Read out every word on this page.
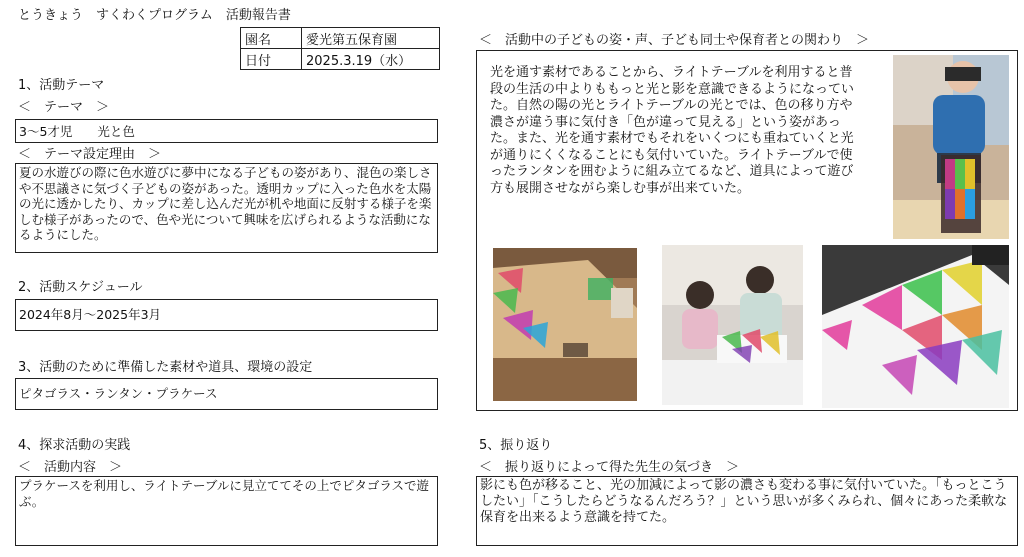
とうきょう　すくわくプログラム　活動報告書
園名	愛光第五保育園
日付	2025.3.19（水）
1、活動テーマ
＜　テーマ　＞
3～5才児　　光と色
＜　テーマ設定理由　＞
夏の水遊びの際に色水遊びに夢中になる子どもの姿があり、混色の楽しさや不思議さに気づく子どもの姿があった。透明カップに入った色水を太陽の光に透かしたり、カップに差し込んだ光が机や地面に反射する様子を楽しむ様子があったので、色や光について興味を広げられるような活動になるようにした。
2、活動スケジュール
2024年8月～2025年3月
3、活動のために準備した素材や道具、環境の設定
ピタゴラス・ランタン・プラケース
4、探求活動の実践
＜　活動内容　＞
プラケースを利用し、ライトテーブルに見立ててその上でピタゴラスで遊ぶ。
＜　活動中の子どもの姿・声、子ども同士や保育者との関わり　＞
光を通す素材であることから、ライトテーブルを利用すると普段の生活の中よりももっと光と影を意識できるようになっていた。自然の陽の光とライトテーブルの光とでは、色の移り方や濃さが違う事に気付き「色が違って見える」という姿があった。また、光を通す素材でもそれをいくつにも重ねていくと光が通りにくくなることにも気付いていた。ライトテーブルで使ったランタンを囲むように組み立てるなど、道具によって遊び方も展開させながら楽しむ事が出来ていた。
5、振り返り
＜　振り返りによって得た先生の気づき　＞
影にも色が移ること、光の加減によって影の濃さも変わる事に気付いていた。「もっとこうしたい」「こうしたらどうなるんだろう？」という思いが多くみられ、個々にあった柔軟な保育を出来るよう意識を持てた。
